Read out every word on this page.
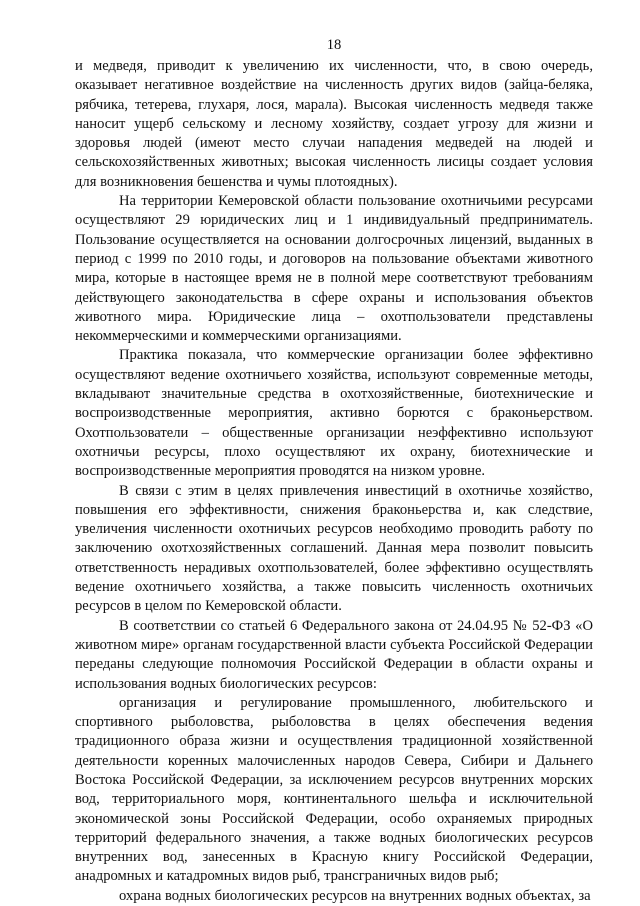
18

и медведя, приводит к увеличению их численности, что, в свою очередь, оказывает негативное воздействие на численность других видов (зайца-беляка, рябчика, тетерева, глухаря, лося, марала). Высокая численность медведя также наносит ущерб сельскому и лесному хозяйству, создает угрозу для жизни и здоровья людей (имеют место случаи нападения медведей на людей и сельскохозяйственных животных; высокая численность лисицы создает условия для возникновения бешенства и чумы плотоядных).

На территории Кемеровской области пользование охотничьими ресурсами осуществляют 29 юридических лиц и 1 индивидуальный предприниматель. Пользование осуществляется на основании долгосрочных лицензий, выданных в период с 1999 по 2010 годы, и договоров на пользование объектами животного мира, которые в настоящее время не в полной мере соответствуют требованиям действующего законодательства в сфере охраны и использования объектов животного мира. Юридические лица – охотпользователи представлены некоммерческими и коммерческими организациями.

Практика показала, что коммерческие организации более эффективно осуществляют ведение охотничьего хозяйства, используют современные методы, вкладывают значительные средства в охотхозяйственные, биотехнические и воспроизводственные мероприятия, активно борются с браконьерством. Охотпользователи – общественные организации неэффективно используют охотничьи ресурсы, плохо осуществляют их охрану, биотехнические и воспроизводственные мероприятия проводятся на низком уровне.

В связи с этим в целях привлечения инвестиций в охотничье хозяйство, повышения его эффективности, снижения браконьерства и, как следствие, увеличения численности охотничьих ресурсов необходимо проводить работу по заключению охотхозяйственных соглашений. Данная мера позволит повысить ответственность нерадивых охотпользователей, более эффективно осуществлять ведение охотничьего хозяйства, а также повысить численность охотничьих ресурсов в целом по Кемеровской области.

В соответствии со статьей 6 Федерального закона от 24.04.95 № 52-ФЗ «О животном мире» органам государственной власти субъекта Российской Федерации переданы следующие полномочия Российской Федерации в области охраны и использования водных биологических ресурсов:

организация и регулирование промышленного, любительского и спортивного рыболовства, рыболовства в целях обеспечения ведения традиционного образа жизни и осуществления традиционной хозяйственной деятельности коренных малочисленных народов Севера, Сибири и Дальнего Востока Российской Федерации, за исключением ресурсов внутренних морских вод, территориального моря, континентального шельфа и исключительной экономической зоны Российской Федерации, особо охраняемых природных территорий федерального значения, а также водных биологических ресурсов внутренних вод, занесенных в Красную книгу Российской Федерации, анадромных и катадромных видов рыб, трансграничных видов рыб;

охрана водных биологических ресурсов на внутренних водных объектах, за
